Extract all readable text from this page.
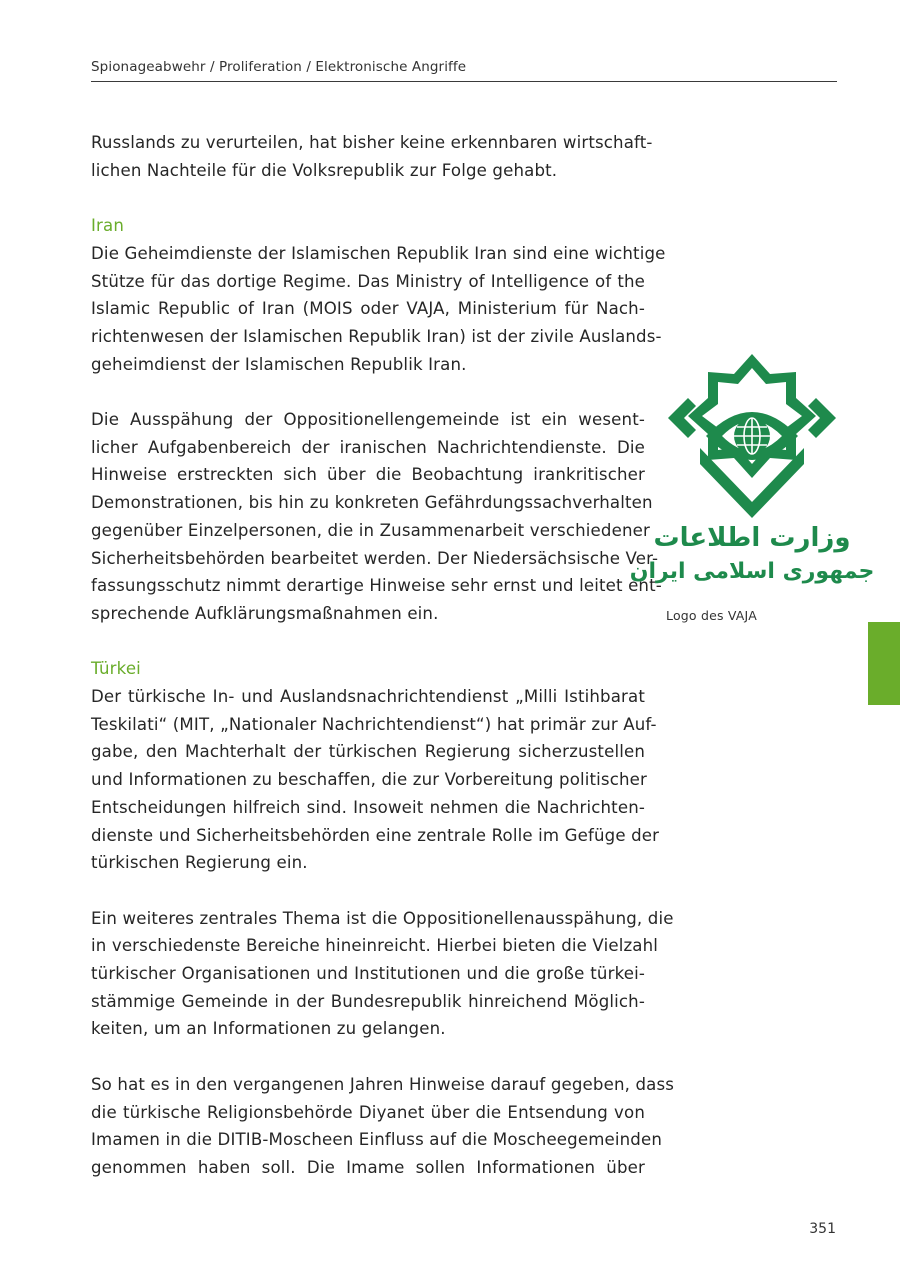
Spionageabwehr / Proliferation / Elektronische Angriffe

Russlands zu verurteilen, hat bisher keine erkennbaren wirtschaft-
lichen Nachteile für die Volksrepublik zur Folge gehabt.

Iran

Die Geheimdienste der Islamischen Republik Iran sind eine wichtige
Stütze für das dortige Regime. Das Ministry of Intelligence of the
Islamic Republic of Iran (MOIS oder VAJA, Ministerium für Nach-
richtenwesen der Islamischen Republik Iran) ist der zivile Auslands-
geheimdienst der Islamischen Republik Iran.

Die Ausspähung der Oppositionellengemeinde ist ein wesent-
licher Aufgabenbereich der iranischen Nachrichtendienste. Die
Hinweise erstreckten sich über die Beobachtung irankritischer
Demonstrationen, bis hin zu konkreten Gefährdungssachverhalten
gegenüber Einzelpersonen, die in Zusammenarbeit verschiedener
Sicherheitsbehörden bearbeitet werden. Der Niedersächsische Ver-
fassungsschutz nimmt derartige Hinweise sehr ernst und leitet ent-
sprechende Aufklärungsmaßnahmen ein.

Türkei

Der türkische In- und Auslandsnachrichtendienst „Milli Istihbarat
Teskilati“ (MIT, „Nationaler Nachrichtendienst“) hat primär zur Auf-
gabe, den Machterhalt der türkischen Regierung sicherzustellen
und Informationen zu beschaffen, die zur Vorbereitung politischer
Entscheidungen hilfreich sind. Insoweit nehmen die Nachrichten-
dienste und Sicherheitsbehörden eine zentrale Rolle im Gefüge der
türkischen Regierung ein.

Ein weiteres zentrales Thema ist die Oppositionellenausspähung, die
in verschiedenste Bereiche hineinreicht. Hierbei bieten die Vielzahl
türkischer Organisationen und Institutionen und die große türkei-
stämmige Gemeinde in der Bundesrepublik hinreichend Möglich-
keiten, um an Informationen zu gelangen.

So hat es in den vergangenen Jahren Hinweise darauf gegeben, dass
die türkische Religionsbehörde Diyanet über die Entsendung von
Imamen in die DITIB-Moscheen Einfluss auf die Moscheegemeinden
genommen haben soll. Die Imame sollen Informationen über

وزارت اطلاعات
جمهوری اسلامی ایران
Logo des VAJA
351
